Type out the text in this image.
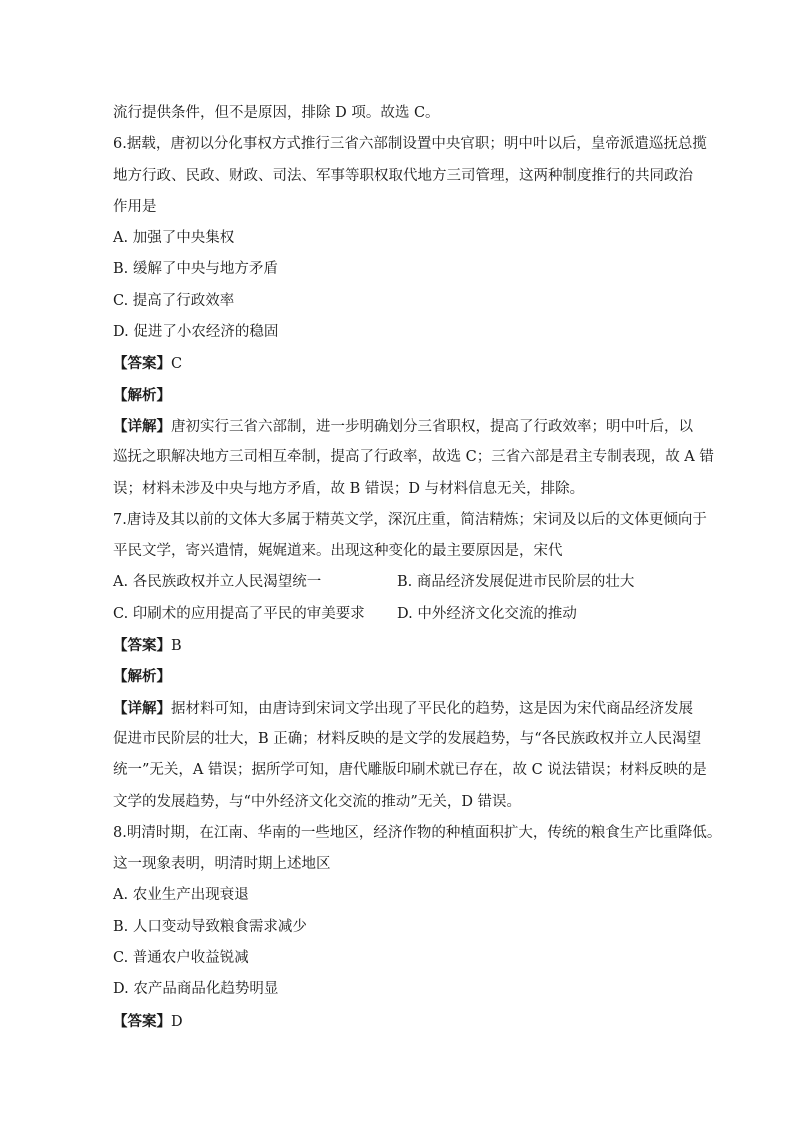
流行提供条件，但不是原因，排除 D 项。故选 C。
6.据载，唐初以分化事权方式推行三省六部制设置中央官职；明中叶以后，皇帝派遣巡抚总揽
地方行政、民政、财政、司法、军事等职权取代地方三司管理，这两种制度推行的共同政治
作用是
A. 加强了中央集权
B. 缓解了中央与地方矛盾
C. 提高了行政效率
D. 促进了小农经济的稳固
【答案】C
【解析】
【详解】唐初实行三省六部制，进一步明确划分三省职权，提高了行政效率；明中叶后，以
巡抚之职解决地方三司相互牵制，提高了行政率，故选 C；三省六部是君主专制表现，故 A 错
误；材料未涉及中央与地方矛盾，故 B 错误；D 与材料信息无关，排除。
7.唐诗及其以前的文体大多属于精英文学，深沉庄重，简洁精炼；宋词及以后的文体更倾向于
平民文学，寄兴遣情，娓娓道来。出现这种变化的最主要原因是，宋代
A. 各民族政权并立人民渴望统一	B. 商品经济发展促进市民阶层的壮大
C. 印刷术的应用提高了平民的审美要求	D. 中外经济文化交流的推动
【答案】B
【解析】
【详解】据材料可知，由唐诗到宋词文学出现了平民化的趋势，这是因为宋代商品经济发展
促进市民阶层的壮大，B 正确；材料反映的是文学的发展趋势，与“各民族政权并立人民渴望
统一”无关，A 错误；据所学可知，唐代雕版印刷术就已存在，故 C 说法错误；材料反映的是
文学的发展趋势，与“中外经济文化交流的推动”无关，D 错误。
8.明清时期，在江南、华南的一些地区，经济作物的种植面积扩大，传统的粮食生产比重降低。
这一现象表明，明清时期上述地区
A. 农业生产出现衰退
B. 人口变动导致粮食需求减少
C. 普通农户收益锐减
D. 农产品商品化趋势明显
【答案】D
